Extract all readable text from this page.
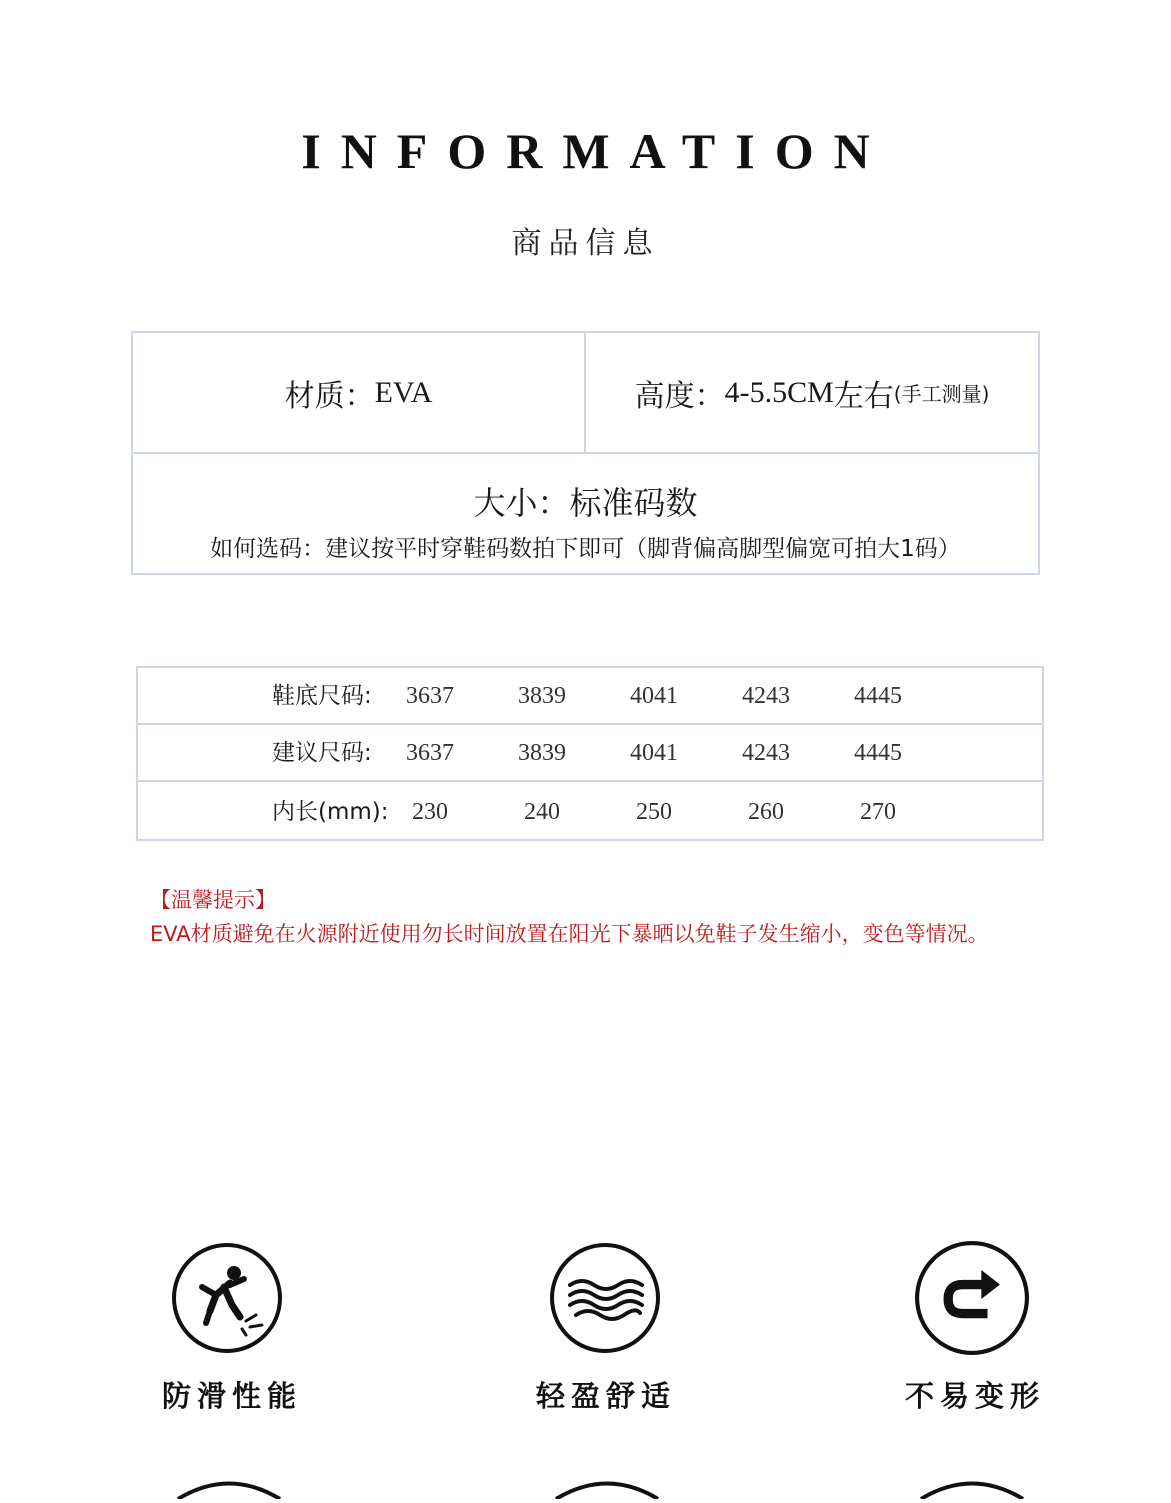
INFORMATION
商品信息
材质： EVA	高度： 4-5.5CM 左右 (手工测量)
大小：标准码数
如何选码：建议按平时穿鞋码数拍下即可（脚背偏高脚型偏宽可拍大1码）
鞋底尺码:	3637	3839	4041	4243	4445
建议尺码:	3637	3839	4041	4243	4445
内长(mm): 230	240	250	260	270
【温馨提示】
EVA材质避免在火源附近使用勿长时间放置在阳光下暴晒以免鞋子发生缩小，变色等情况。
防滑性能	轻盈舒适	不易变形
